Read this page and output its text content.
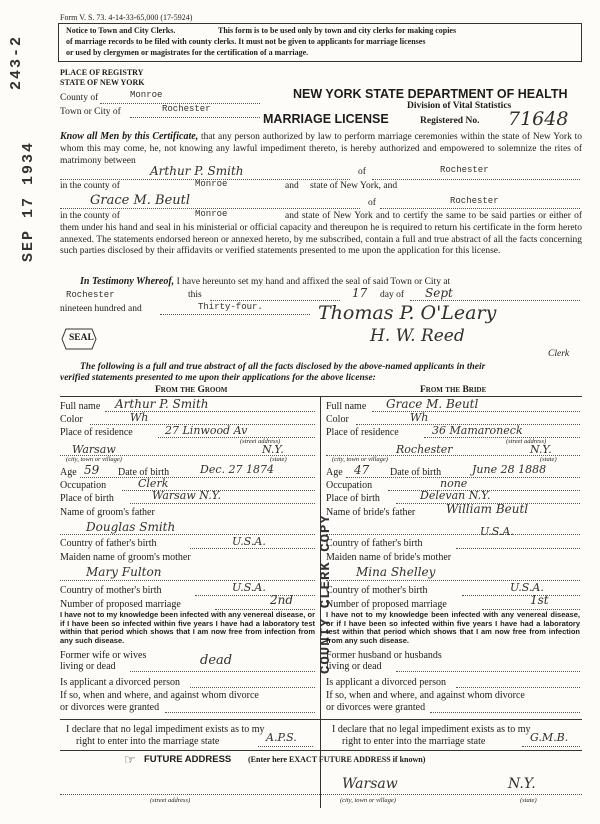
Form V. S. 73. 4-14-33-65,000 (17-5924)
Notice to Town and City Clerks.	This form is to be used only by town and city clerks for making copies
of marriage records to be filed with county clerks. It must not be given to applicants for marriage licenses
or used by clergymen or magistrates for the certification of a marriage.
243-2
SEP 17 1934
COUNTY CLERK COPY
PLACE OF REGISTRY
STATE OF NEW YORK
County of	Monroe
Town or City of	Rochester
NEW YORK STATE DEPARTMENT OF HEALTH
Division of Vital Statistics
MARRIAGE LICENSE	Registered No. 71648
Know all Men by this Certificate, that any person authorized by law to perform marriage ceremonies within the state of New York to whom this may come, he, not knowing any lawful impediment thereto, is hereby authorized and empowered to solemnize the rites of matrimony between
Arthur P. Smith	of	Rochester
in the county of	Monroe
Grace M. Beutl
and state of New York, and
of	Rochester
in the county of	Monroe	and state of New York and to certify the same to be said parties or either of them under his hand and seal in his ministerial or official capacity and thereupon he is required to return his certificate in the form hereto annexed. The statements endorsed hereon or annexed hereto, by me subscribed, contain a full and true abstract of all the facts concerning such parties disclosed by their affidavits or verified statements presented to me upon the application for this license.
In Testimony Whereof, I have hereunto set my hand and affixed the seal of said Town or City at
Rochester	this	17 day of Sept
nineteen hundred and	Thirty-four.	Thomas P. O'Leary
H. W. Reed
Clerk
SEAL
The following is a full and true abstract of all the facts disclosed by the above-named applicants in their
verified statements presented to me upon their applications for the above license:
From the Groom	From the Bride
Full name Arthur P. Smith
Color	Wh
Place of residence	27 Linwood Av
(street address)
Warsaw	N.Y.
(city, town or village)	(state)
Age 59 Date of birth	Dec. 27 1874
Occupation	Clerk
Place of birth	Warsaw N.Y.
Name of groom's father
Douglas Smith
Country of father's birth	U.S.A.
Maiden name of groom's mother
Mary Fulton
Country of mother's birth	U.S.A.
Number of proposed marriage	2nd
I have not to my knowledge been infected with any venereal disease, or if I have been so infected within five years I have had a laboratory test within that period which shows that I am now free from infection from any such disease.
Former wife or wives
living or dead	dead
Is applicant a divorced person
If so, when and where, and against whom divorce
or divorces were granted
I declare that no legal impediment exists as to my
right to enter into the marriage state	A.P.S.
Full name Grace M. Beutl
Color	Wh
Place of residence	36 Mamaroneck
(street address)
Rochester	N.Y.
(city, town or village)	(state)
Age 47 Date of birth	June 28 1888
Occupation	none
Place of birth	Delevan N.Y.
Name of bride's father	William Beutl
Country of father's birth
U.S.A.
Maiden name of bride's mother
Mina Shelley
Country of mother's birth	U.S.A.
Number of proposed marriage	1st
I have not to my knowledge been infected with any venereal disease, or if I have been so infected within five years I have had a laboratory test within that period which shows that I am now free from infection from any such disease.
Former husband or husbands
living or dead
Is applicant a divorced person
If so, when and where, and against whom divorce
or divorces were granted
I declare that no legal impediment exists as to my
right to enter into the marriage state	G.M.B.
☞ FUTURE ADDRESS (Enter here EXACT FUTURE ADDRESS if known)
Warsaw	N.Y.
(street address)	(city, town or village)	(state)
